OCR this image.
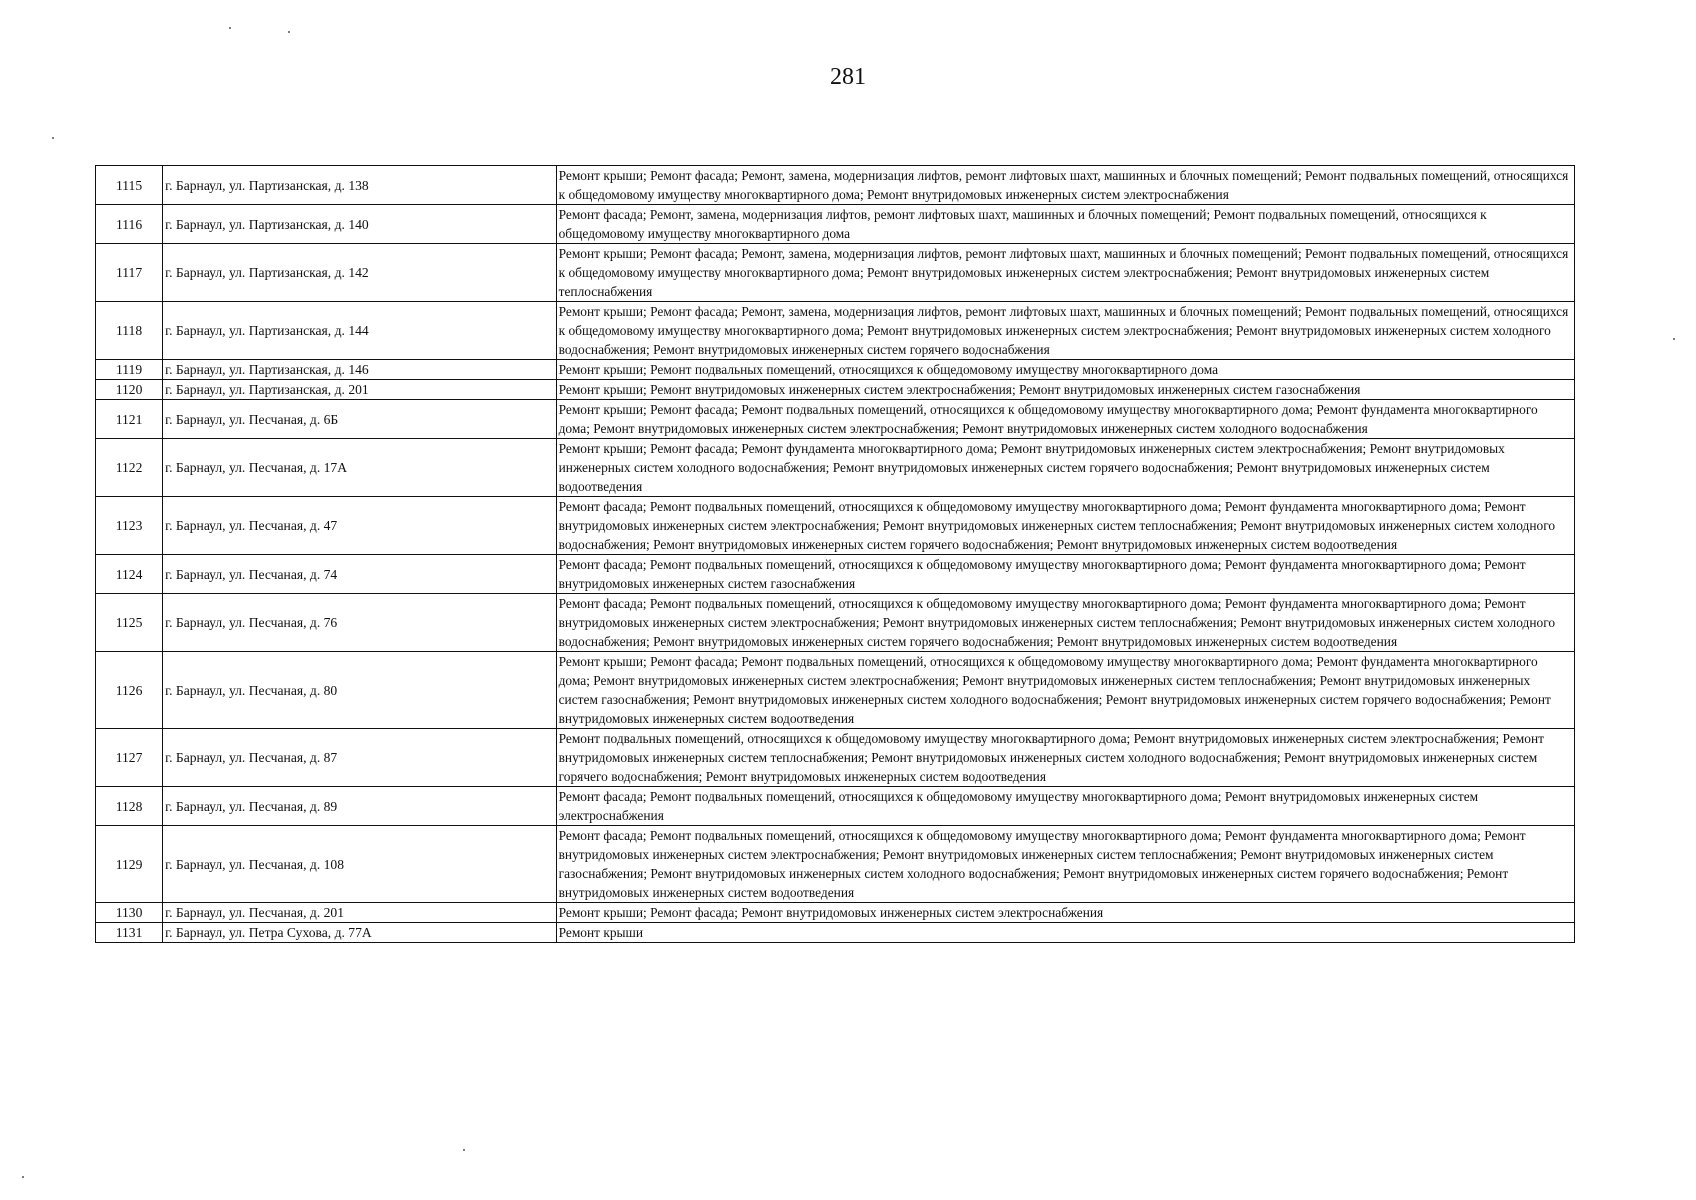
281
1115	г. Барнаул, ул. Партизанская, д. 138	Ремонт крыши; Ремонт фасада; Ремонт, замена, модернизация лифтов, ремонт лифтовых шахт, машинных и блочных помещений; Ремонт подвальных помещений, относящихся к общедомовому имуществу многоквартирного дома; Ремонт внутридомовых инженерных систем электроснабжения
1116	г. Барнаул, ул. Партизанская, д. 140	Ремонт фасада; Ремонт, замена, модернизация лифтов, ремонт лифтовых шахт, машинных и блочных помещений; Ремонт подвальных помещений, относящихся к общедомовому имуществу многоквартирного дома
1117	г. Барнаул, ул. Партизанская, д. 142	Ремонт крыши; Ремонт фасада; Ремонт, замена, модернизация лифтов, ремонт лифтовых шахт, машинных и блочных помещений; Ремонт подвальных помещений, относящихся к общедомовому имуществу многоквартирного дома; Ремонт внутридомовых инженерных систем электроснабжения; Ремонт внутридомовых инженерных систем теплоснабжения
1118	г. Барнаул, ул. Партизанская, д. 144	Ремонт крыши; Ремонт фасада; Ремонт, замена, модернизация лифтов, ремонт лифтовых шахт, машинных и блочных помещений; Ремонт подвальных помещений, относящихся к общедомовому имуществу многоквартирного дома; Ремонт внутридомовых инженерных систем электроснабжения; Ремонт внутридомовых инженерных систем холодного водоснабжения; Ремонт внутридомовых инженерных систем горячего водоснабжения
1119	г. Барнаул, ул. Партизанская, д. 146	Ремонт крыши; Ремонт подвальных помещений, относящихся к общедомовому имуществу многоквартирного дома
1120	г. Барнаул, ул. Партизанская, д. 201	Ремонт крыши; Ремонт внутридомовых инженерных систем электроснабжения; Ремонт внутридомовых инженерных систем газоснабжения
1121	г. Барнаул, ул. Песчаная, д. 6Б	Ремонт крыши; Ремонт фасада; Ремонт подвальных помещений, относящихся к общедомовому имуществу многоквартирного дома; Ремонт фундамента многоквартирного дома; Ремонт внутридомовых инженерных систем электроснабжения; Ремонт внутридомовых инженерных систем холодного водоснабжения
1122	г. Барнаул, ул. Песчаная, д. 17А	Ремонт крыши; Ремонт фасада; Ремонт фундамента многоквартирного дома; Ремонт внутридомовых инженерных систем электроснабжения; Ремонт внутридомовых инженерных систем холодного водоснабжения; Ремонт внутридомовых инженерных систем горячего водоснабжения; Ремонт внутридомовых инженерных систем водоотведения
1123	г. Барнаул, ул. Песчаная, д. 47	Ремонт фасада; Ремонт подвальных помещений, относящихся к общедомовому имуществу многоквартирного дома; Ремонт фундамента многоквартирного дома; Ремонт внутридомовых инженерных систем электроснабжения; Ремонт внутридомовых инженерных систем теплоснабжения; Ремонт внутридомовых инженерных систем холодного водоснабжения; Ремонт внутридомовых инженерных систем горячего водоснабжения; Ремонт внутридомовых инженерных систем водоотведения
1124	г. Барнаул, ул. Песчаная, д. 74	Ремонт фасада; Ремонт подвальных помещений, относящихся к общедомовому имуществу многоквартирного дома; Ремонт фундамента многоквартирного дома; Ремонт внутридомовых инженерных систем газоснабжения
1125	г. Барнаул, ул. Песчаная, д. 76	Ремонт фасада; Ремонт подвальных помещений, относящихся к общедомовому имуществу многоквартирного дома; Ремонт фундамента многоквартирного дома; Ремонт внутридомовых инженерных систем электроснабжения; Ремонт внутридомовых инженерных систем теплоснабжения; Ремонт внутридомовых инженерных систем холодного водоснабжения; Ремонт внутридомовых инженерных систем горячего водоснабжения; Ремонт внутридомовых инженерных систем водоотведения
1126	г. Барнаул, ул. Песчаная, д. 80	Ремонт крыши; Ремонт фасада; Ремонт подвальных помещений, относящихся к общедомовому имуществу многоквартирного дома; Ремонт фундамента многоквартирного дома; Ремонт внутридомовых инженерных систем электроснабжения; Ремонт внутридомовых инженерных систем теплоснабжения; Ремонт внутридомовых инженерных систем газоснабжения; Ремонт внутридомовых инженерных систем холодного водоснабжения; Ремонт внутридомовых инженерных систем горячего водоснабжения; Ремонт внутридомовых инженерных систем водоотведения
1127	г. Барнаул, ул. Песчаная, д. 87	Ремонт подвальных помещений, относящихся к общедомовому имуществу многоквартирного дома; Ремонт внутридомовых инженерных систем электроснабжения; Ремонт внутридомовых инженерных систем теплоснабжения; Ремонт внутридомовых инженерных систем холодного водоснабжения; Ремонт внутридомовых инженерных систем горячего водоснабжения; Ремонт внутридомовых инженерных систем водоотведения
1128	г. Барнаул, ул. Песчаная, д. 89	Ремонт фасада; Ремонт подвальных помещений, относящихся к общедомовому имуществу многоквартирного дома; Ремонт внутридомовых инженерных систем электроснабжения
1129	г. Барнаул, ул. Песчаная, д. 108	Ремонт фасада; Ремонт подвальных помещений, относящихся к общедомовому имуществу многоквартирного дома; Ремонт фундамента многоквартирного дома; Ремонт внутридомовых инженерных систем электроснабжения; Ремонт внутридомовых инженерных систем теплоснабжения; Ремонт внутридомовых инженерных систем газоснабжения; Ремонт внутридомовых инженерных систем холодного водоснабжения; Ремонт внутридомовых инженерных систем горячего водоснабжения; Ремонт внутридомовых инженерных систем водоотведения
1130	г. Барнаул, ул. Песчаная, д. 201	Ремонт крыши; Ремонт фасада; Ремонт внутридомовых инженерных систем электроснабжения
1131	г. Барнаул, ул. Петра Сухова, д. 77А	Ремонт крыши
